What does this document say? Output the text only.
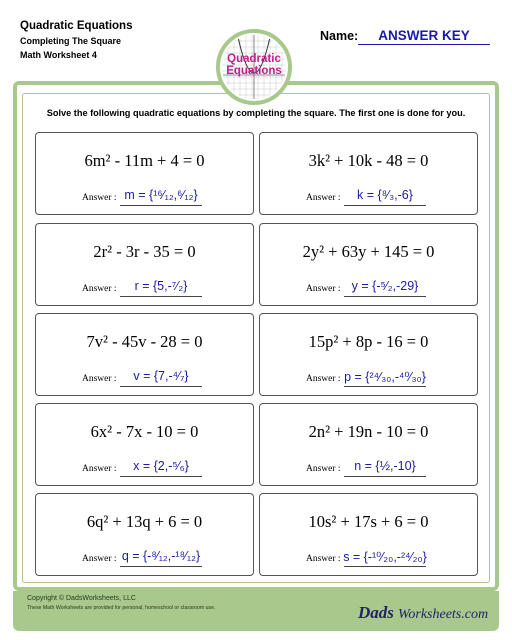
Quadratic Equations
Completing The Square
Math Worksheet 4
Name:	ANSWER KEY
Quadratic
Equations
Solve the following quadratic equations by completing the square. The first one is done for you.
6m² - 11m + 4 = 0
Answer : m = {¹⁶⁄₁₂,⁶⁄₁₂}
3k² + 10k - 48 = 0
Answer :	k = {⁸⁄₃,-6}
2r² - 3r - 35 = 0
Answer :	r = {5,-⁷⁄₂}
2y² + 63y + 145 = 0
Answer : y = {-⁵⁄₂,-29}
7v² - 45v - 28 = 0
Answer :	v = {7,-⁴⁄₇}
15p² + 8p - 16 = 0
Answer : p = {²⁴⁄₃₀,-⁴⁰⁄₃₀}
6x² - 7x - 10 = 0
Answer :	x = {2,-⁵⁄₆}
2n² + 19n - 10 = 0
Answer :	n = {½,-10}
6q² + 13q + 6 = 0
Answer : q = {-⁸⁄₁₂,-¹⁸⁄₁₂}
10s² + 17s + 6 = 0
Answer : s = {-¹⁰⁄₂₀,-²⁴⁄₂₀}
Copyright © DadsWorksheets, LLC
These Math Worksheets are provided for personal, homeschool or classroom use.	Dads Worksheets.com
